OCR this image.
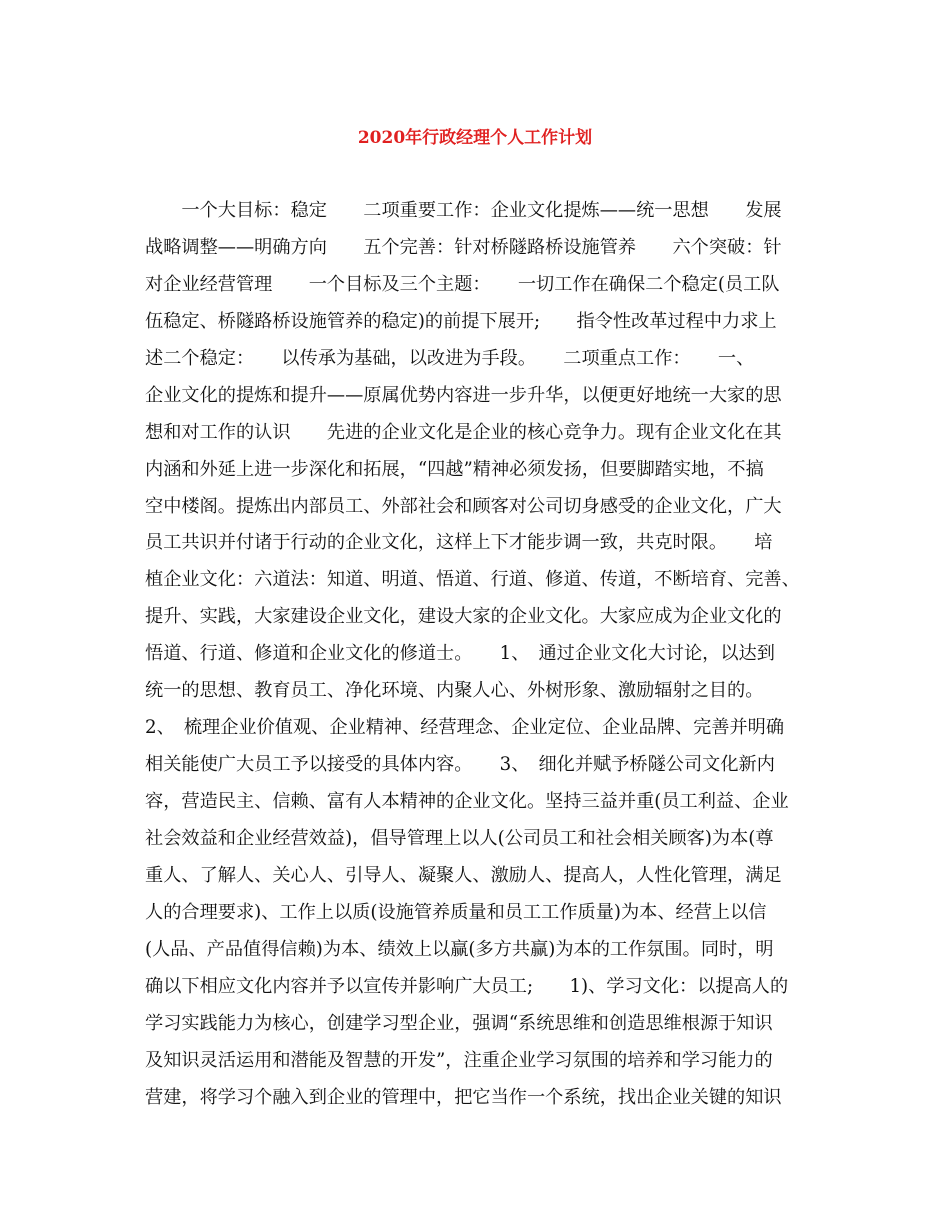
2020年行政经理个人工作计划
　　一个大目标：稳定　　二项重要工作：企业文化提炼——统一思想　　发展
战略调整——明确方向　　五个完善：针对桥隧路桥设施管养　　六个突破：针
对企业经营管理　　一个目标及三个主题：　　一切工作在确保二个稳定(员工队
伍稳定、桥隧路桥设施管养的稳定)的前提下展开;　　指令性改革过程中力求上
述二个稳定：　　以传承为基础，以改进为手段。　　二项重点工作：　　一、
企业文化的提炼和提升——原属优势内容进一步升华，以便更好地统一大家的思
想和对工作的认识　　先进的企业文化是企业的核心竞争力。现有企业文化在其
内涵和外延上进一步深化和拓展，“四越”精神必须发扬，但要脚踏实地，不搞
空中楼阁。提炼出内部员工、外部社会和顾客对公司切身感受的企业文化，广大
员工共识并付诸于行动的企业文化，这样上下才能步调一致，共克时限。　　培
植企业文化：六道法：知道、明道、悟道、行道、修道、传道，不断培育、完善、
提升、实践，大家建设企业文化，建设大家的企业文化。大家应成为企业文化的
悟道、行道、修道和企业文化的修道士。　　1、　通过企业文化大讨论，以达到
统一的思想、教育员工、净化环境、内聚人心、外树形象、激励辐射之目的。
2、　梳理企业价值观、企业精神、经营理念、企业定位、企业品牌、完善并明确
相关能使广大员工予以接受的具体内容。　　3、　细化并赋予桥隧公司文化新内
容，营造民主、信赖、富有人本精神的企业文化。坚持三益并重(员工利益、企业
社会效益和企业经营效益)，倡导管理上以人(公司员工和社会相关顾客)为本(尊
重人、了解人、关心人、引导人、凝聚人、激励人、提高人，人性化管理，满足
人的合理要求)、工作上以质(设施管养质量和员工工作质量)为本、经营上以信
(人品、产品值得信赖)为本、绩效上以赢(多方共赢)为本的工作氛围。同时，明
确以下相应文化内容并予以宣传并影响广大员工;　　1)、学习文化：以提高人的
学习实践能力为核心，创建学习型企业，强调“系统思维和创造思维根源于知识
及知识灵活运用和潜能及智慧的开发”，注重企业学习氛围的培养和学习能力的
营建，将学习个融入到企业的管理中，把它当作一个系统，找出企业关键的知识
